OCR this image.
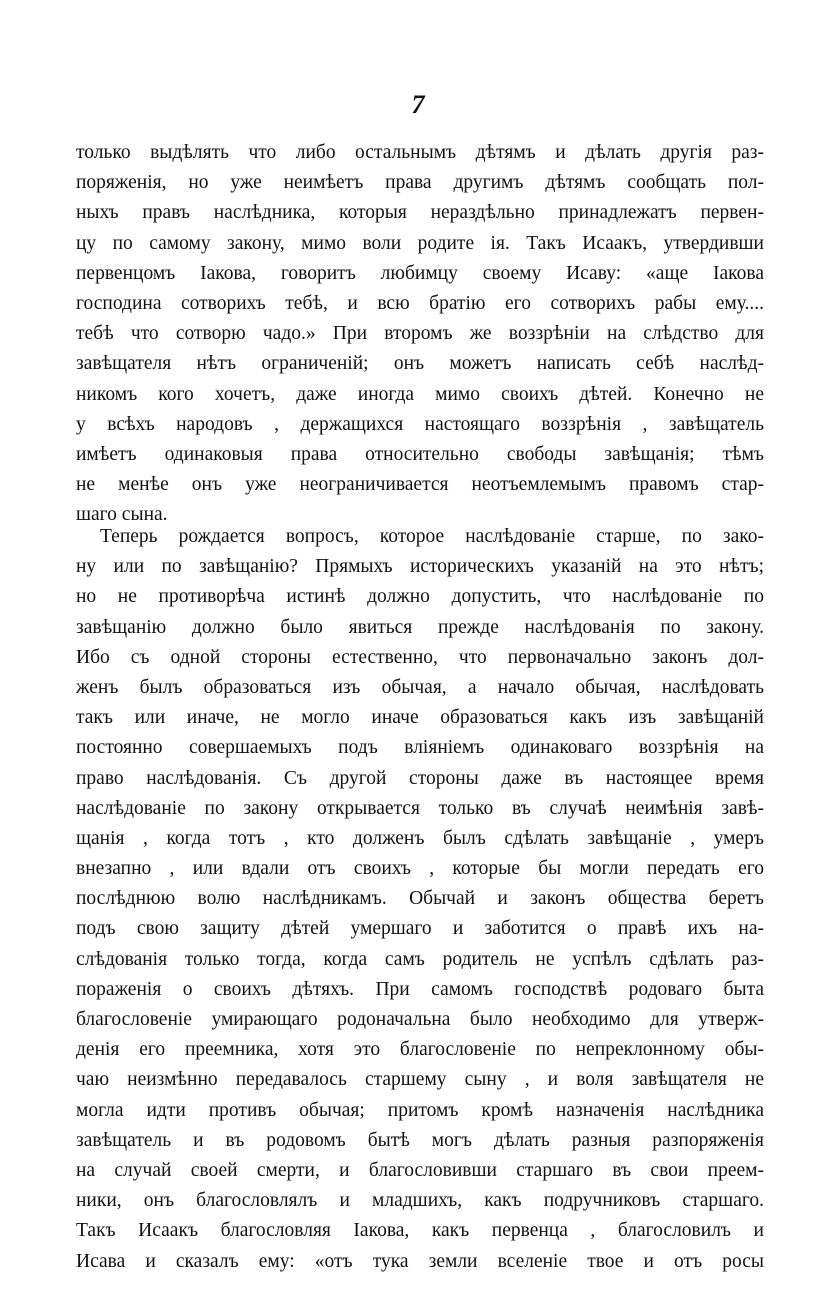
7
только выдѣлять что либо остальнымъ дѣтямъ и дѣлать другія раз-
поряженія, но уже неимѣетъ права другимъ дѣтямъ сообщать пол-
ныхъ правъ наслѣдника, которыя нераздѣльно принадлежатъ первен-
цу по самому закону, мимо воли родите ія. Такъ Исаакъ, утвердивши
первенцомъ Іакова, говоритъ любимцу своему Исаву: «аще Іакова
господина сотворихъ тебѣ, и всю братію его сотворихъ рабы ему....
тебѣ что сотворю чадо.» При второмъ же воззрѣніи на слѣдство для
завѣщателя нѣтъ ограниченій; онъ можетъ написать себѣ наслѣд-
никомъ кого хочетъ, даже иногда мимо своихъ дѣтей. Конечно не
у всѣхъ народовъ , держащихся настоящаго воззрѣнія , завѣщатель
имѣетъ одинаковыя права относительно свободы завѣщанія; тѣмъ
не менѣе онъ уже неограничивается неотъемлемымъ правомъ стар-
шаго сына.
Теперь рождается вопросъ, которое наслѣдованіе старше, по зако-
ну или по завѣщанію? Прямыхъ историческихъ указаній на это нѣтъ;
но не противорѣча истинѣ должно допустить, что наслѣдованіе по
завѣщанію должно было явиться прежде наслѣдованія по закону.
Ибо съ одной стороны естественно, что первоначально законъ дол-
женъ былъ образоваться изъ обычая, а начало обычая, наслѣдовать
такъ или иначе, не могло иначе образоваться какъ изъ завѣщаній
постоянно совершаемыхъ подъ вліяніемъ одинаковаго воззрѣнія на
право наслѣдованія. Съ другой стороны даже въ настоящее время
наслѣдованіе по закону открывается только въ случаѣ неимѣнія завѣ-
щанія , когда тотъ , кто долженъ былъ сдѣлать завѣщаніе , умеръ
внезапно , или вдали отъ своихъ , которые бы могли передать его
послѣднюю волю наслѣдникамъ. Обычай и законъ общества беретъ
подъ свою защиту дѣтей умершаго и заботится о правѣ ихъ на-
слѣдованія только тогда, когда самъ родитель не успѣлъ сдѣлать раз-
пораженія о своихъ дѣтяхъ. При самомъ господствѣ родоваго быта
благословеніе умирающаго родоначальна было необходимо для утверж-
денія его преемника, хотя это благословеніе по непреклонному обы-
чаю неизмѣнно передавалось старшему сыну , и воля завѣщателя не
могла идти противъ обычая; притомъ кромѣ назначенія наслѣдника
завѣщатель и въ родовомъ бытѣ могъ дѣлать разныя разпоряженія
на случай своей смерти, и благословивши старшаго въ свои преем-
ники, онъ благословлялъ и младшихъ, какъ подручниковъ старшаго.
Такъ Исаакъ благословляя Іакова, какъ первенца , благословилъ и
Исава и сказалъ ему: «отъ тука земли вселеніе твое и отъ росы
